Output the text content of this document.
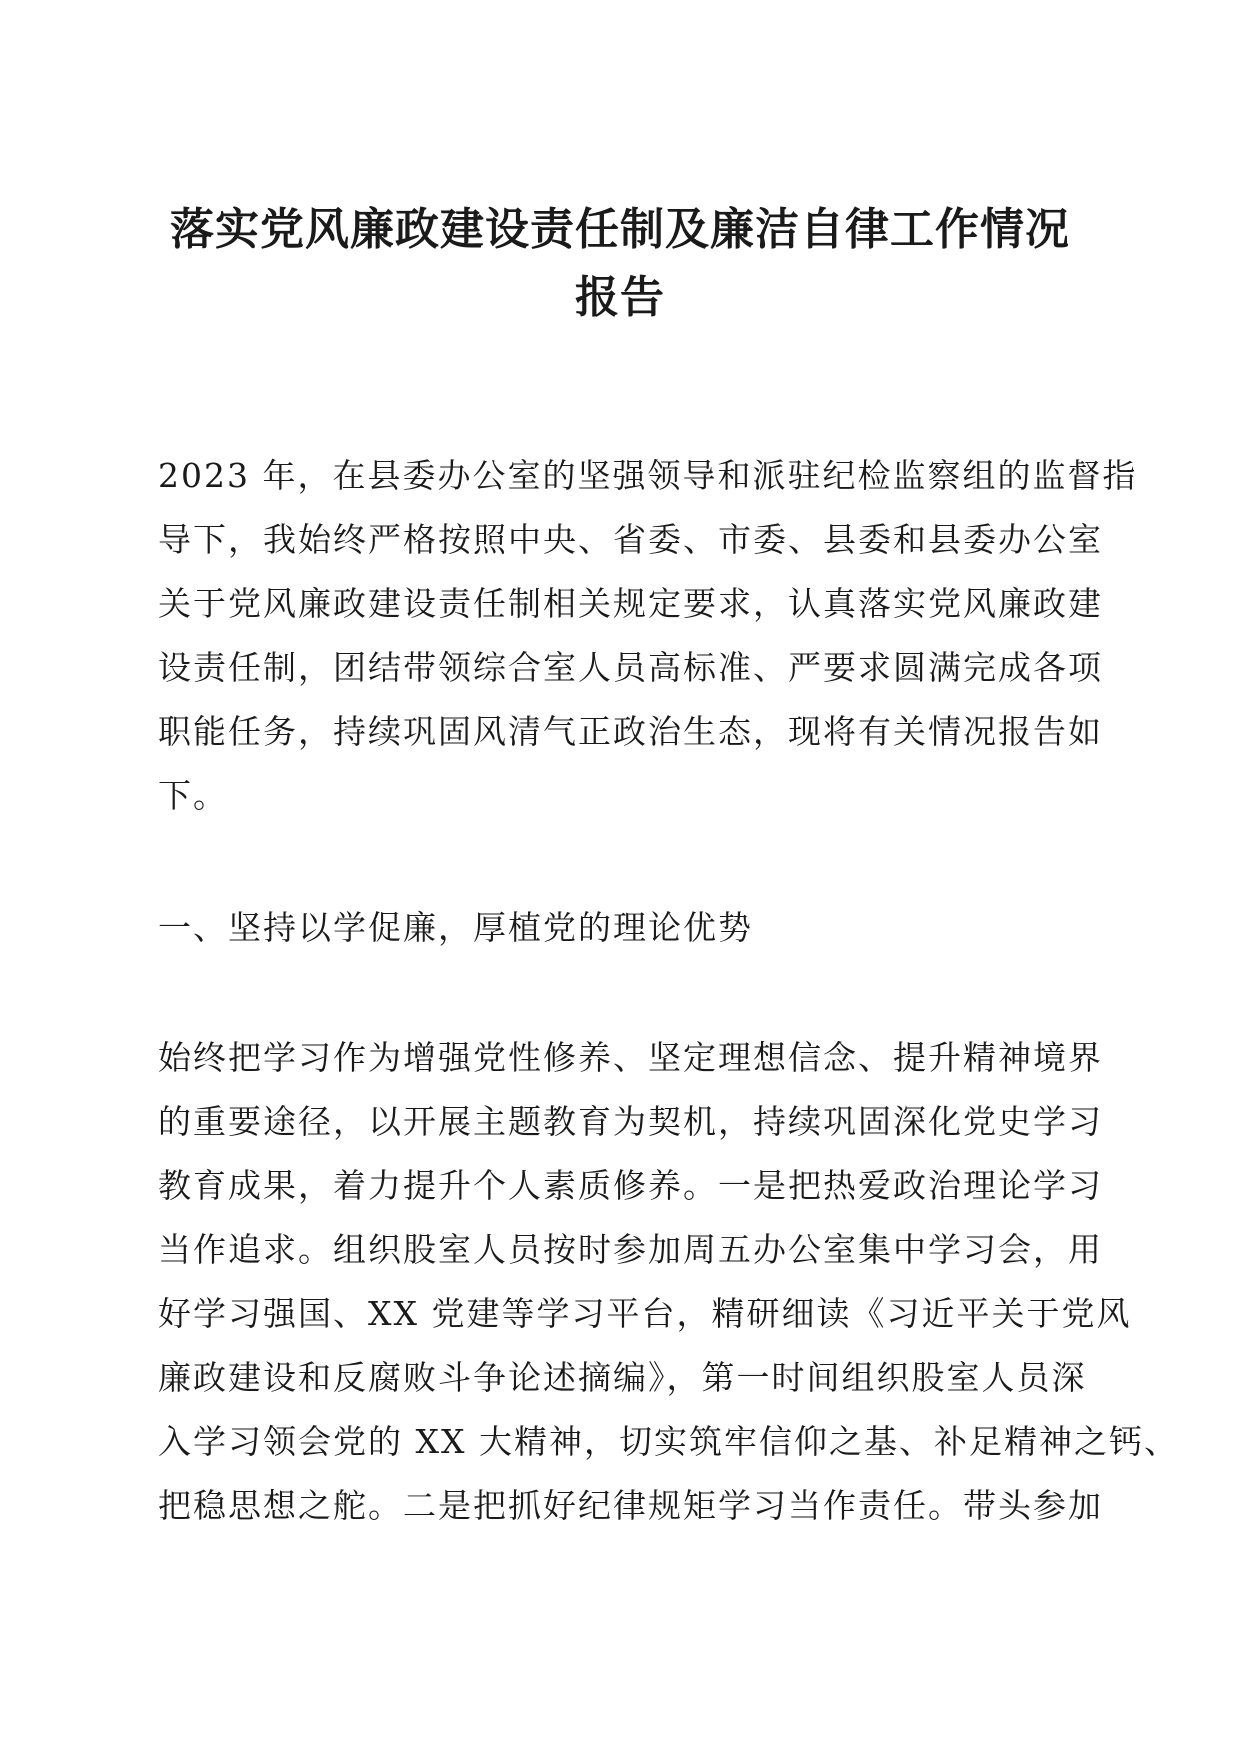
落实党风廉政建设责任制及廉洁自律工作情况
报告
2023 年，在县委办公室的坚强领导和派驻纪检监察组的监督指
导下，我始终严格按照中央、省委、市委、县委和县委办公室
关于党风廉政建设责任制相关规定要求，认真落实党风廉政建
设责任制，团结带领综合室人员高标准、严要求圆满完成各项
职能任务，持续巩固风清气正政治生态，现将有关情况报告如
下。
一、坚持以学促廉，厚植党的理论优势
始终把学习作为增强党性修养、坚定理想信念、提升精神境界
的重要途径，以开展主题教育为契机，持续巩固深化党史学习
教育成果，着力提升个人素质修养。一是把热爱政治理论学习
当作追求。组织股室人员按时参加周五办公室集中学习会，用
好学习强国、XX 党建等学习平台，精研细读《习近平关于党风
廉政建设和反腐败斗争论述摘编》，第一时间组织股室人员深
入学习领会党的 XX 大精神，切实筑牢信仰之基、补足精神之钙、
把稳思想之舵。二是把抓好纪律规矩学习当作责任。带头参加
